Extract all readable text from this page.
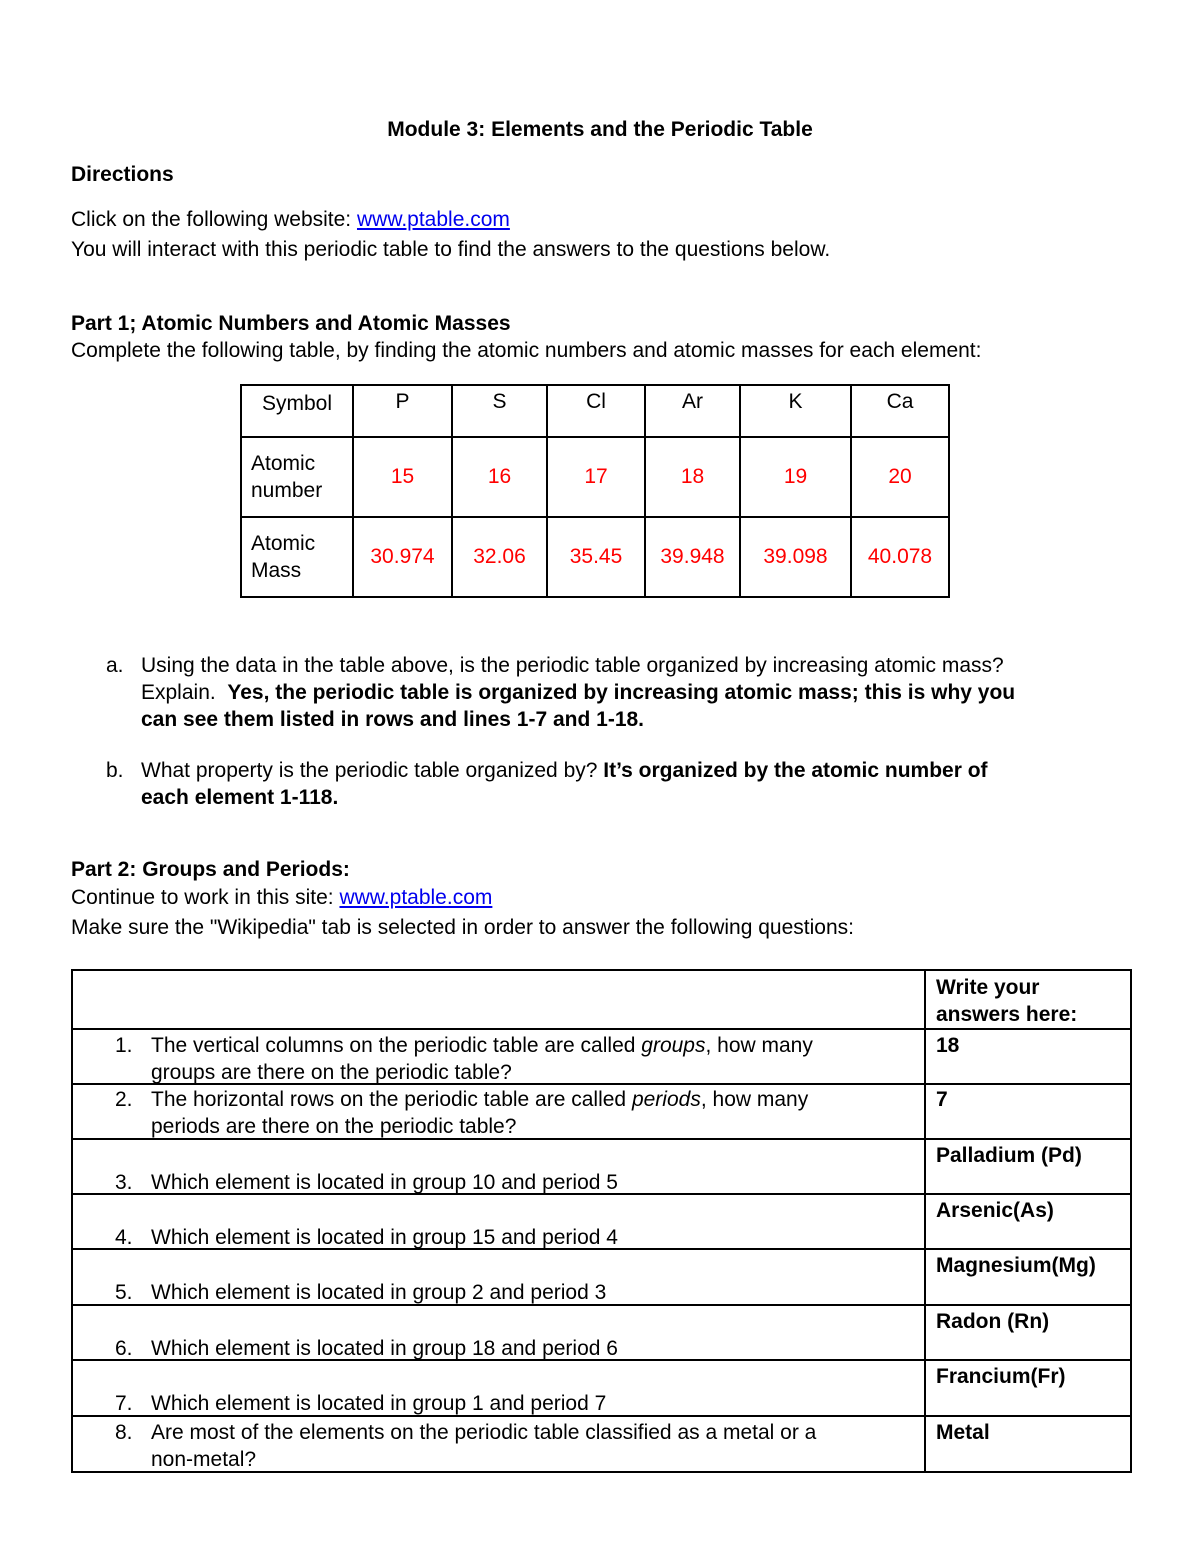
Module 3: Elements and the Periodic Table
Directions
Click on the following website: www.ptable.com
You will interact with this periodic table to find the answers to the questions below.
Part 1; Atomic Numbers and Atomic Masses
Complete the following table, by finding the atomic numbers and atomic masses for each element:
Symbol	P	S	Cl	Ar	K	Ca
Atomic
number	15	16	17	18	19	20
Atomic
Mass	30.974	32.06	35.45	39.948	39.098	40.078
a. Using the data in the table above, is the periodic table organized by increasing atomic mass?
Explain. Yes, the periodic table is organized by increasing atomic mass; this is why you
can see them listed in rows and lines 1-7 and 1-18.
b. What property is the periodic table organized by? It’s organized by the atomic number of
each element 1-118.
Part 2: Groups and Periods:
Continue to work in this site: www.ptable.com
Make sure the "Wikipedia" tab is selected in order to answer the following questions:

	Write your
answers here:

1. The vertical columns on the periodic table are called groups, how many
groups are there on the periodic table?	18

2. The horizontal rows on the periodic table are called periods, how many
periods are there on the periodic table?	7

3. Which element is located in group 10 and period 5	Palladium (Pd)

4. Which element is located in group 15 and period 4	Arsenic(As)

5. Which element is located in group 2 and period 3	Magnesium(Mg)

6. Which element is located in group 18 and period 6	Radon (Rn)

7. Which element is located in group 1 and period 7	Francium(Fr)

8. Are most of the elements on the periodic table classified as a metal or a
non-metal?	Metal
